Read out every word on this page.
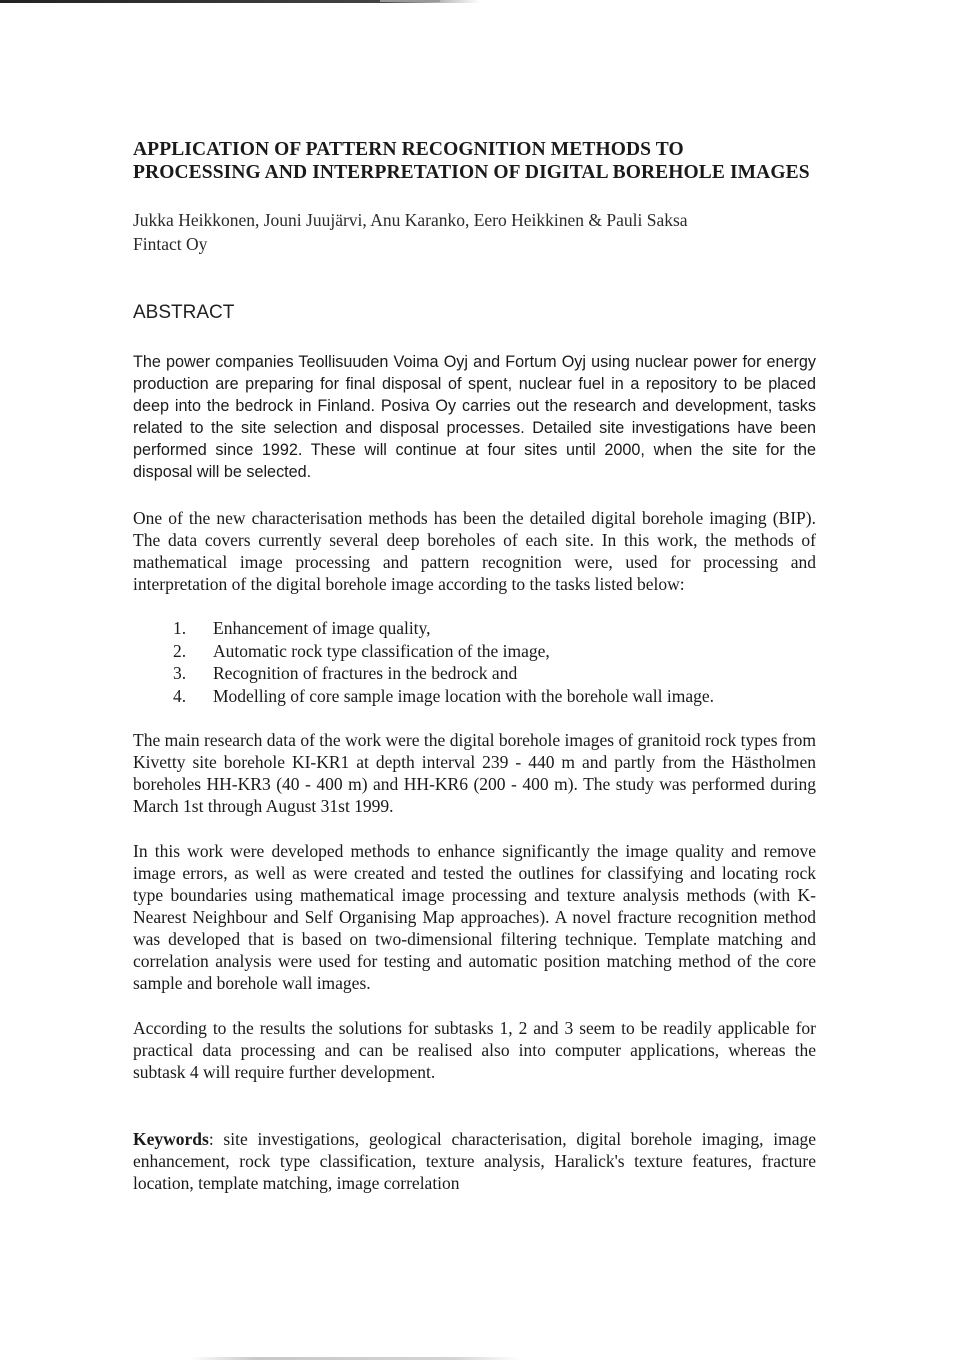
APPLICATION OF PATTERN RECOGNITION METHODS TO PROCESSING AND INTERPRETATION OF DIGITAL BOREHOLE IMAGES
Jukka Heikkonen, Jouni Juujärvi, Anu Karanko, Eero Heikkinen & Pauli Saksa
Fintact Oy
ABSTRACT

The power companies Teollisuuden Voima Oyj and Fortum Oyj using nuclear power for energy production are preparing for final disposal of spent, nuclear fuel in a repository to be placed deep into the bedrock in Finland. Posiva Oy carries out the research and development, tasks related to the site selection and disposal processes. Detailed site investigations have been performed since 1992. These will continue at four sites until 2000, when the site for the disposal will be selected.

One of the new characterisation methods has been the detailed digital borehole imaging (BIP). The data covers currently several deep boreholes of each site. In this work, the methods of mathematical image processing and pattern recognition were, used for processing and interpretation of the digital borehole image according to the tasks listed below:

1.	Enhancement of image quality,
2.	Automatic rock type classification of the image,
3.	Recognition of fractures in the bedrock and
4.	Modelling of core sample image location with the borehole wall image.

The main research data of the work were the digital borehole images of granitoid rock types from Kivetty site borehole KI-KR1 at depth interval 239 - 440 m and partly from the Hästholmen boreholes HH-KR3 (40 - 400 m) and HH-KR6 (200 - 400 m). The study was performed during March 1st through August 31st 1999.

In this work were developed methods to enhance significantly the image quality and remove image errors, as well as were created and tested the outlines for classifying and locating rock type boundaries using mathematical image processing and texture analysis methods (with K-Nearest Neighbour and Self Organising Map approaches). A novel fracture recognition method was developed that is based on two-dimensional filtering technique. Template matching and correlation analysis were used for testing and automatic position matching method of the core sample and borehole wall images.

According to the results the solutions for subtasks 1, 2 and 3 seem to be readily applicable for practical data processing and can be realised also into computer applications, whereas the subtask 4 will require further development.

Keywords: site investigations, geological characterisation, digital borehole imaging, image enhancement, rock type classification, texture analysis, Haralick's texture features, fracture location, template matching, image correlation
